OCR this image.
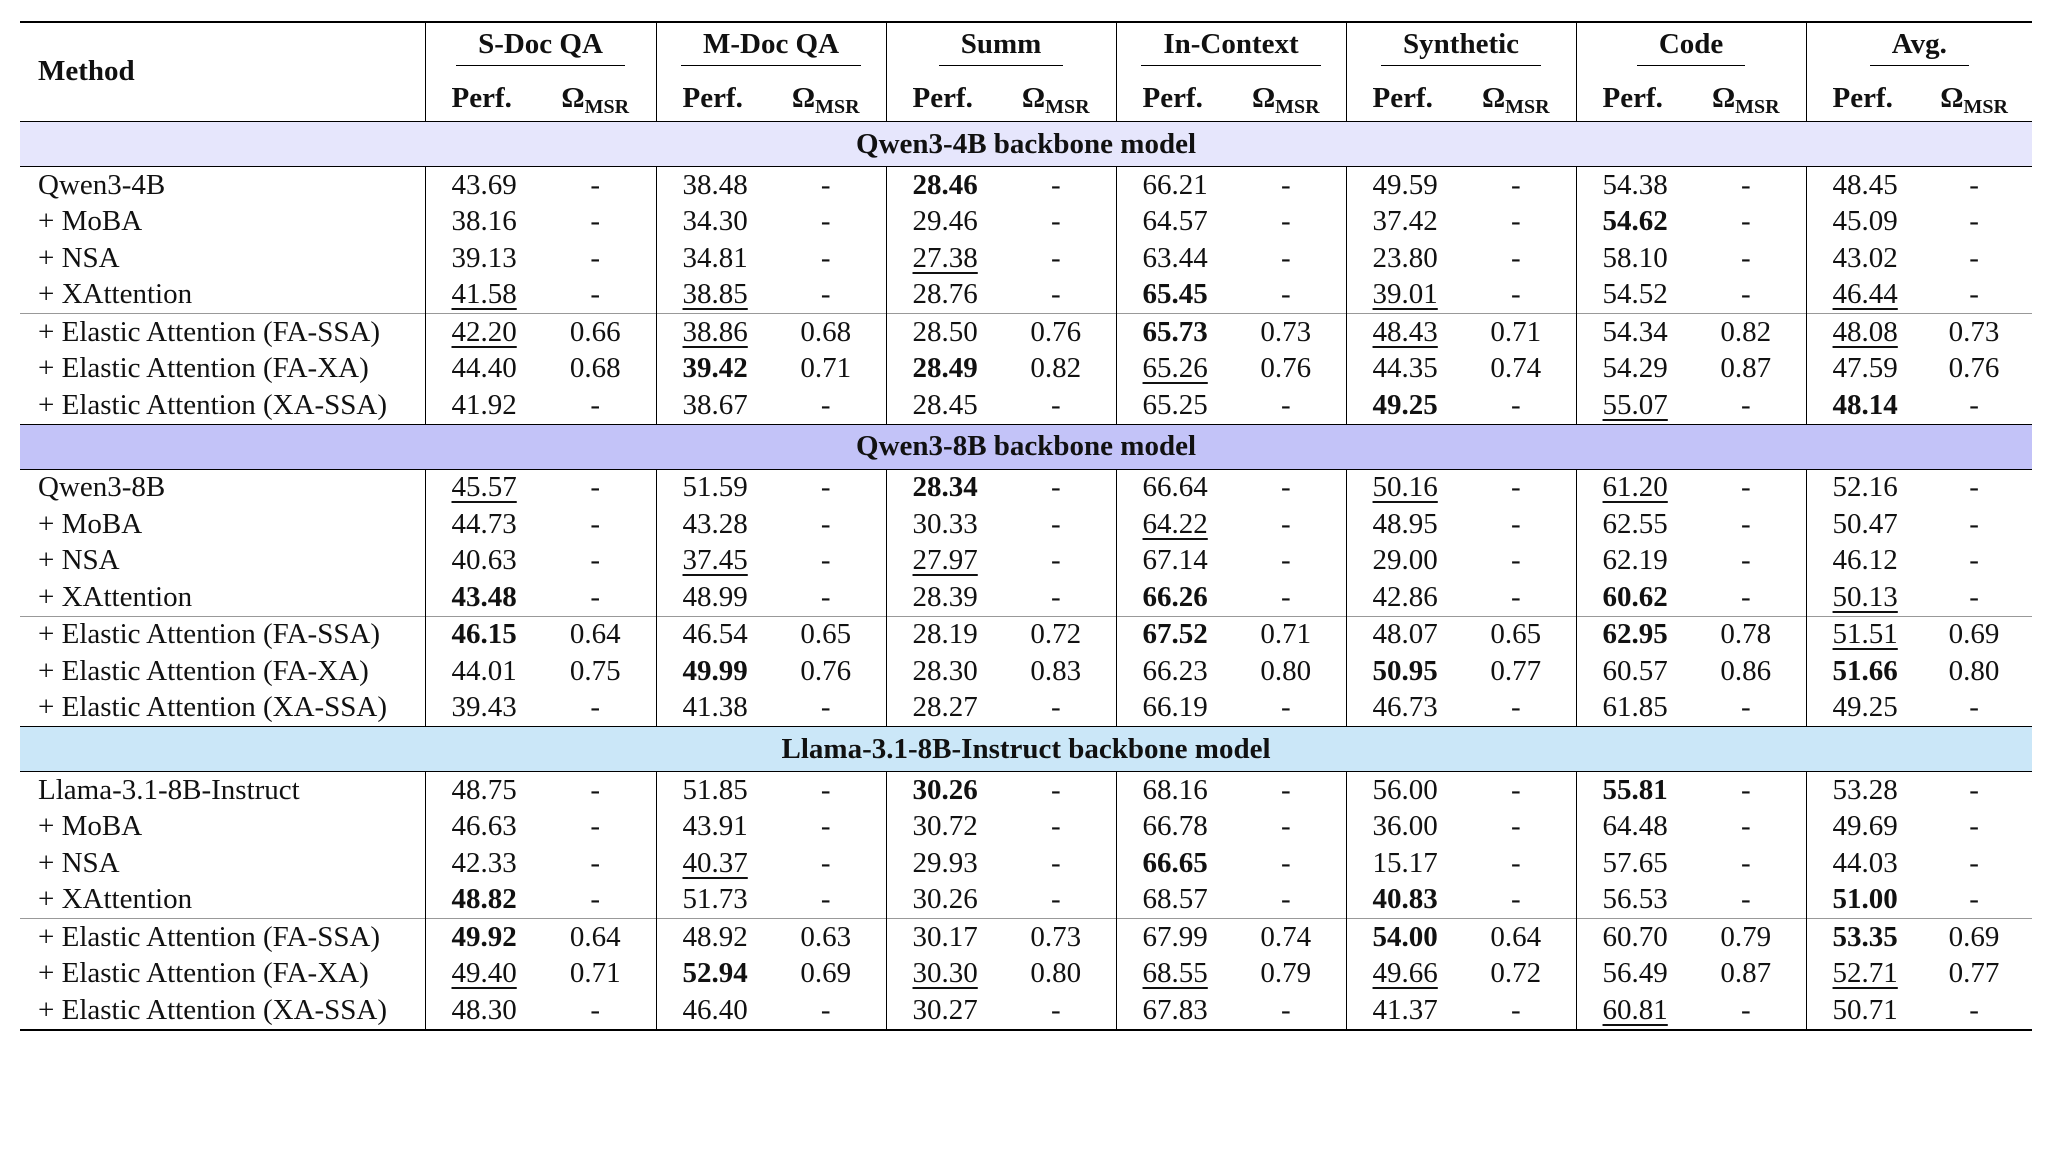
Method	S-Doc QA		M-Doc QA		Summ		In-Context		Synthetic		Code		Avg.	
	Perf.	$\Omega_{MSR}$	Perf.	$\Omega_{MSR}$	Perf.	$\Omega_{MSR}$	Perf.	$\Omega_{MSR}$	Perf.	$\Omega_{MSR}$	Perf.	$\Omega_{MSR}$	Perf.	$\Omega_{MSR}$
Qwen3-4B backbone model														
Qwen3-4B	43.69	-	38.48	-	28.46	-	66.21	-	49.59	-	54.38	-	48.45	-
+ MoBA	38.16	-	34.30	-	29.46	-	64.57	-	37.42	-	54.62	-	45.09	-
+ NSA	39.13	-	34.81	-	27.38	-	63.44	-	23.80	-	58.10	-	43.02	-
+ XAttention	41.58	-	38.85	-	28.76	-	65.45	-	39.01	-	54.52	-	46.44	-
+ Elastic Attention (FA-SSA)	42.20	0.66	38.86	0.68	28.50	0.76	65.73	0.73	48.43	0.71	54.34	0.82	48.08	0.73
+ Elastic Attention (FA-XA)	44.40	0.68	39.42	0.71	28.49	0.82	65.26	0.76	44.35	0.74	54.29	0.87	47.59	0.76
+ Elastic Attention (XA-SSA)	41.92	-	38.67	-	28.45	-	65.25	-	49.25	-	55.07	-	48.14	-
Qwen3-8B backbone model														
Qwen3-8B	45.57	-	51.59	-	28.34	-	66.64	-	50.16	-	61.20	-	52.16	-
+ MoBA	44.73	-	43.28	-	30.33	-	64.22	-	48.95	-	62.55	-	50.47	-
+ NSA	40.63	-	37.45	-	27.97	-	67.14	-	29.00	-	62.19	-	46.12	-
+ XAttention	43.48	-	48.99	-	28.39	-	66.26	-	42.86	-	60.62	-	50.13	-
+ Elastic Attention (FA-SSA)	46.15	0.64	46.54	0.65	28.19	0.72	67.52	0.71	48.07	0.65	62.95	0.78	51.51	0.69
+ Elastic Attention (FA-XA)	44.01	0.75	49.99	0.76	28.30	0.83	66.23	0.80	50.95	0.77	60.57	0.86	51.66	0.80
+ Elastic Attention (XA-SSA)	39.43	-	41.38	-	28.27	-	66.19	-	46.73	-	61.85	-	49.25	-
Llama-3.1-8B-Instruct backbone model														
Llama-3.1-8B-Instruct	48.75	-	51.85	-	30.26	-	68.16	-	56.00	-	55.81	-	53.28	-
+ MoBA	46.63	-	43.91	-	30.72	-	66.78	-	36.00	-	64.48	-	49.69	-
+ NSA	42.33	-	40.37	-	29.93	-	66.65	-	15.17	-	57.65	-	44.03	-
+ XAttention	48.82	-	51.73	-	30.26	-	68.57	-	40.83	-	56.53	-	51.00	-
+ Elastic Attention (FA-SSA)	49.92	0.64	48.92	0.63	30.17	0.73	67.99	0.74	54.00	0.64	60.70	0.79	53.35	0.69
+ Elastic Attention (FA-XA)	49.40	0.71	52.94	0.69	30.30	0.80	68.55	0.79	49.66	0.72	56.49	0.87	52.71	0.77
+ Elastic Attention (XA-SSA)	48.30	-	46.40	-	30.27	-	67.83	-	41.37	-	60.81	-	50.71	-
